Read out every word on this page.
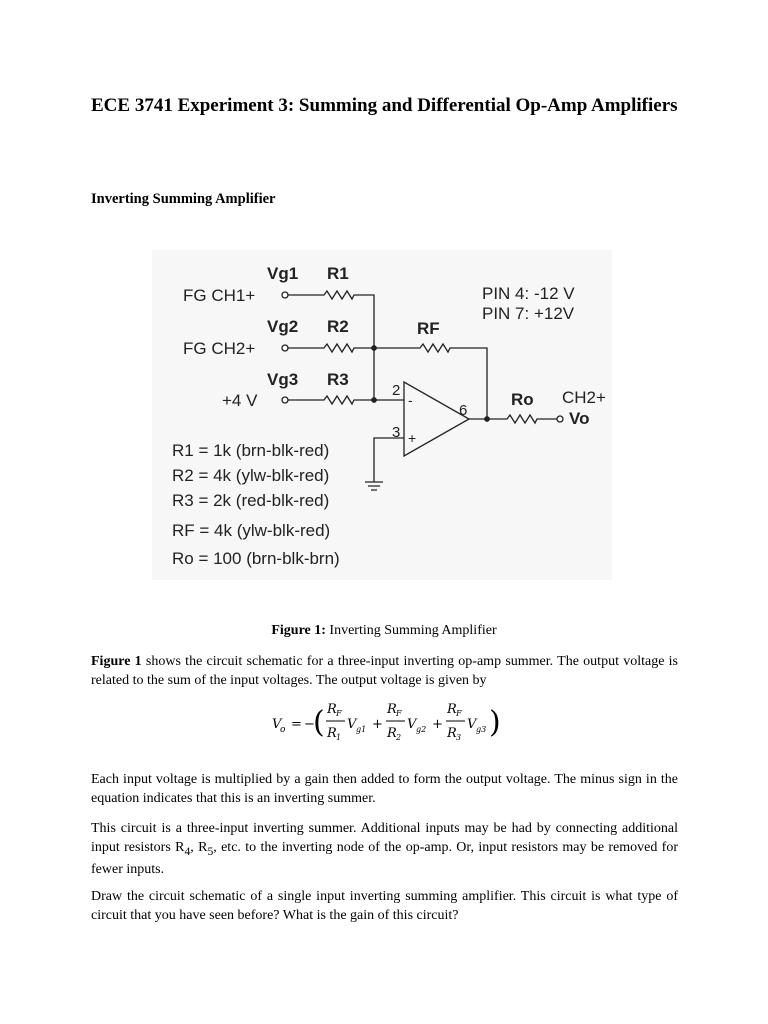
ECE 3741 Experiment 3: Summing and Differential Op-Amp Amplifiers
Inverting Summing Amplifier
Vg1 R1
FG CH1+
Vg2 R2
FG CH2+
Vg3 R3
+4 V
RF
PIN 4: -12 V
PIN 7: +12V
Ro CH2+
Vo
2
3
6
-
+
R1 = 1k (brn-blk-red)
R2 = 4k (ylw-blk-red)
R3 = 2k (red-blk-red)
RF = 4k (ylw-blk-red)
Ro = 100 (brn-blk-brn)
Figure 1: Inverting Summing Amplifier
Figure 1 shows the circuit schematic for a three-input inverting op-amp summer. The output voltage is related to the sum of the input voltages. The output voltage is given by
V
o = −
( R F
R 1
V g1 +
R F
R 2
V g2 +
R F
R 3
V g3 )
Each input voltage is multiplied by a gain then added to form the output voltage. The minus sign in the equation indicates that this is an inverting summer.
This circuit is a three-input inverting summer. Additional inputs may be had by connecting additional input resistors $R_4$, $R_5$, etc. to the inverting node of the op-amp. Or, input resistors may be removed for fewer inputs.
Draw the circuit schematic of a single input inverting summing amplifier. This circuit is what type of circuit that you have seen before? What is the gain of this circuit?
